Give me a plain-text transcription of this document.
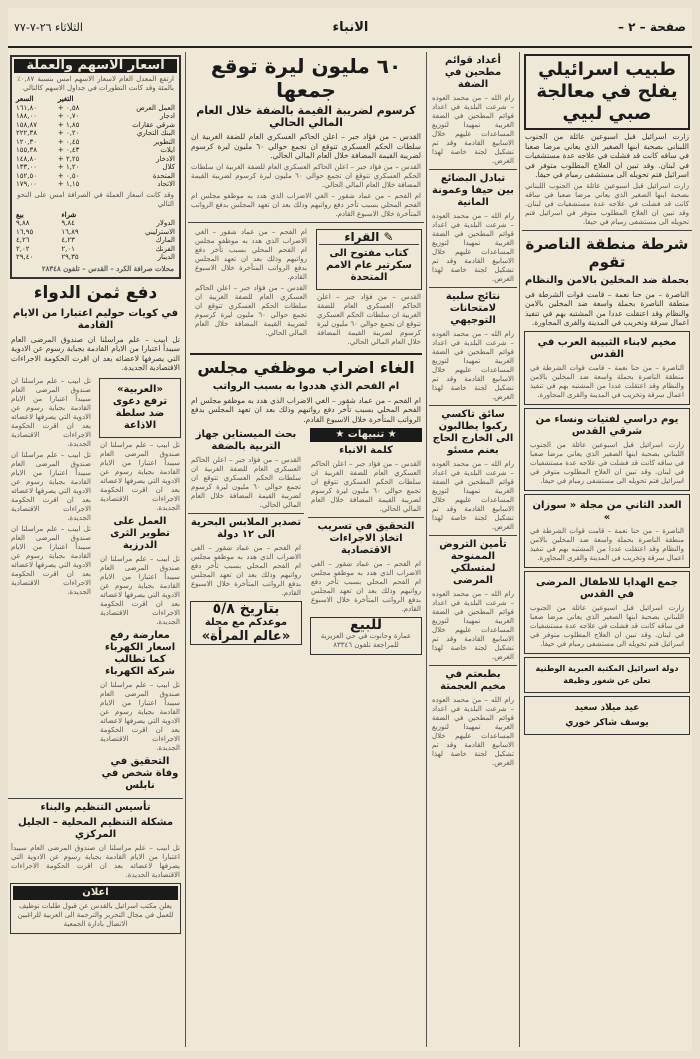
صفحة – ٢ –
الانباء
الثلاثاء ٢٦-٧-٧٧
طبيب اسرائيلي يفلح في معالجة صبي لبيي
زارت اسرائيل قبل اسبوعين عائلة من الجنوب اللبناني بصحبة ابنها الصغير الذي يعاني مرضا صعبا في ساقه كانت قد فشلت في علاجه عدة مستشفيات في لبنان. وقد تبين ان العلاج المطلوب متوفر في اسرائيل فتم تحويله الى مستشفى رمبام في حيفا.
زارت اسرائيل قبل اسبوعين عائلة من الجنوب اللبناني بصحبة ابنها الصغير الذي يعاني مرضا صعبا في ساقه كانت قد فشلت في علاجه عدة مستشفيات في لبنان. وقد تبين ان العلاج المطلوب متوفر في اسرائيل فتم تحويله الى مستشفى رمبام في حيفا.
شرطة منطقة الناصرة تقوم
بحملة ضد المخلين بالامن والنظام
الناصرة – من حنا نعمة – قامت قوات الشرطة في منطقة الناصرة بحملة واسعة ضد المخلين بالامن والنظام وقد اعتقلت عددا من المشتبه بهم في تنفيذ اعمال سرقة وتخريب في المدينة والقرى المجاورة.
مخيم لابناء الثبيبة العرب في القدس
الناصرة – من حنا نعمة – قامت قوات الشرطة في منطقة الناصرة بحملة واسعة ضد المخلين بالامن والنظام وقد اعتقلت عددا من المشتبه بهم في تنفيذ اعمال سرقة وتخريب في المدينة والقرى المجاورة.
يوم دراسي لفتيات ونساء من شرقي القدس
زارت اسرائيل قبل اسبوعين عائلة من الجنوب اللبناني بصحبة ابنها الصغير الذي يعاني مرضا صعبا في ساقه كانت قد فشلت في علاجه عدة مستشفيات في لبنان. وقد تبين ان العلاج المطلوب متوفر في اسرائيل فتم تحويله الى مستشفى رمبام في حيفا.
العدد الثاني من مجلة « سوزان »
الناصرة – من حنا نعمة – قامت قوات الشرطة في منطقة الناصرة بحملة واسعة ضد المخلين بالامن والنظام وقد اعتقلت عددا من المشتبه بهم في تنفيذ اعمال سرقة وتخريب في المدينة والقرى المجاورة.
جمع الهدايا للاطفال المرضى في القدس
زارت اسرائيل قبل اسبوعين عائلة من الجنوب اللبناني بصحبة ابنها الصغير الذي يعاني مرضا صعبا في ساقه كانت قد فشلت في علاجه عدة مستشفيات في لبنان. وقد تبين ان العلاج المطلوب متوفر في اسرائيل فتم تحويله الى مستشفى رمبام في حيفا.
دولة اسرائيل المكتبة العبرية الوطنية تعلن عن شغور وظيفة
عيد ميلاد سعيد
يوسف شاكر خوري
أعداد قوائم مطحين في الضفة
رام الله – من محمد العوده – شرعت البلدية في اعداد قوائم المطحين في الضفة الغربية تمهيدا لتوزيع المساعدات عليهم خلال الاسابيع القادمة وقد تم تشكيل لجنة خاصة لهذا الغرض.
تبادل البضائع بين حيفا وعمونة المانية
رام الله – من محمد العوده – شرعت البلدية في اعداد قوائم المطحين في الضفة الغربية تمهيدا لتوزيع المساعدات عليهم خلال الاسابيع القادمة وقد تم تشكيل لجنة خاصة لهذا الغرض.
نتائج سلبية لامتحانات التوجيهي
رام الله – من محمد العوده – شرعت البلدية في اعداد قوائم المطحين في الضفة الغربية تمهيدا لتوزيع المساعدات عليهم خلال الاسابيع القادمة وقد تم تشكيل لجنة خاصة لهذا الغرض.
سائق تاكسي ركبوا يطالبون الى الخارج الحاج بعنم مسئو
رام الله – من محمد العوده – شرعت البلدية في اعداد قوائم المطحين في الضفة الغربية تمهيدا لتوزيع المساعدات عليهم خلال الاسابيع القادمة وقد تم تشكيل لجنة خاصة لهذا الغرض.
تأمين التروض الممنوحة لمتسلكي المرضى
رام الله – من محمد العوده – شرعت البلدية في اعداد قوائم المطحين في الضفة الغربية تمهيدا لتوزيع المساعدات عليهم خلال الاسابيع القادمة وقد تم تشكيل لجنة خاصة لهذا الغرض.
بطبعتم في مخيم العجمتة
رام الله – من محمد العوده – شرعت البلدية في اعداد قوائم المطحين في الضفة الغربية تمهيدا لتوزيع المساعدات عليهم خلال الاسابيع القادمة وقد تم تشكيل لجنة خاصة لهذا الغرض.
٦٠ مليون ليرة توقع جمعها
كرسوم لضريبة القيمة بالضفة خلال العام المالي الحالي
القدس – من فؤاد جبر – اعلن الحاكم العسكري العام للضفة الغربية ان سلطات الحكم العسكري تتوقع ان تجمع حوالي ٦٠ مليون ليرة كرسوم لضريبة القيمة المضافة خلال العام المالي الحالي.
القدس – من فؤاد جبر – اعلن الحاكم العسكري العام للضفة الغربية ان سلطات الحكم العسكري تتوقع ان تجمع حوالي ٦٠ مليون ليرة كرسوم لضريبة القيمة المضافة خلال العام المالي الحالي.
ام الفحم – من عماد شقور – الغي الاضراب الذي هدد به موظفو مجلس ام الفحم المحلي بسبب تأخر دفع رواتبهم وذلك بعد ان تعهد المجلس بدفع الرواتب المتأخرة خلال الاسبوع القادم.
✎ القراء
كتاب مفتوح الى سكرتير عام الامم المتحدة
القدس – من فؤاد جبر – اعلن الحاكم العسكري العام للضفة الغربية ان سلطات الحكم العسكري تتوقع ان تجمع حوالي ٦٠ مليون ليرة كرسوم لضريبة القيمة المضافة خلال العام المالي الحالي.
ام الفحم – من عماد شقور – الغي الاضراب الذي هدد به موظفو مجلس ام الفحم المحلي بسبب تأخر دفع رواتبهم وذلك بعد ان تعهد المجلس بدفع الرواتب المتأخرة خلال الاسبوع القادم.
القدس – من فؤاد جبر – اعلن الحاكم العسكري العام للضفة الغربية ان سلطات الحكم العسكري تتوقع ان تجمع حوالي ٦٠ مليون ليرة كرسوم لضريبة القيمة المضافة خلال العام المالي الحالي.
الغاء اضراب موظفي مجلس
ام الفحم الذي هددوا به بسبب الرواتب
ام الفحم – من عماد شقور – الغي الاضراب الذي هدد به موظفو مجلس ام الفحم المحلي بسبب تأخر دفع رواتبهم وذلك بعد ان تعهد المجلس بدفع الرواتب المتأخرة خلال الاسبوع القادم.
★ تنبيهات ★
كلمة الانباء
القدس – من فؤاد جبر – اعلن الحاكم العسكري العام للضفة الغربية ان سلطات الحكم العسكري تتوقع ان تجمع حوالي ٦٠ مليون ليرة كرسوم لضريبة القيمة المضافة خلال العام المالي الحالي.
التحقيق في تسريب اتخاذ الاجراءات الاقتصادية
ام الفحم – من عماد شقور – الغي الاضراب الذي هدد به موظفو مجلس ام الفحم المحلي بسبب تأخر دفع رواتبهم وذلك بعد ان تعهد المجلس بدفع الرواتب المتأخرة خلال الاسبوع القادم.
للبيع
عمارة وحانوت في حي العزيزية للمراجعة تلفون ٨٣٣٤٦
بحث الميستاين جهاز التربية بالضفة
القدس – من فؤاد جبر – اعلن الحاكم العسكري العام للضفة الغربية ان سلطات الحكم العسكري تتوقع ان تجمع حوالي ٦٠ مليون ليرة كرسوم لضريبة القيمة المضافة خلال العام المالي الحالي.
تصدير الملابس البحرية الى ١٢ دولة
ام الفحم – من عماد شقور – الغي الاضراب الذي هدد به موظفو مجلس ام الفحم المحلي بسبب تأخر دفع رواتبهم وذلك بعد ان تعهد المجلس بدفع الرواتب المتأخرة خلال الاسبوع القادم.
بتاريخ ٥/٨
موعدكم مع مجلة
«عالم المرأة»
اسعار الاسهم والعملة
ارتفع المعدل العام لاسعار الاسهم امس بنسبة ٠,٨٧٪ بالمئة وقد كانت التطورات في جداول الاسهم كالتالي
	التغير	السعر
العمل العرض	+ ٠,٥٨	١٦١,٨٠
ادجار	+ ٠,٧٠	١٨٨,٠٠
شرقي عقارات	+ ١,٨٥	١٥٨,٨٧
البنك التجاري	+ ٠,٢٠	٢٢٢,٣٨
التطوير	+ ٠,٤٥	١٢٠,٣٠
ايلات	+ ٠,٤٣	١٥٥,٣٨
الادخار	+ ٢,٢٥	١٤٨,٨٠
كلال	+ ١,٢٠	١٣٣,٠٠
المتحدة	+ ٠,٥٠	١٥٢,٥٠
الاتحاد	+ ١,١٥	١٧٩,٠٠
وقد كانت اسعار العملة في الصرافة امس على النحو التالي
	شراء	بيع
الدولار	٩,٨٤	٩,٨٨
الاسترليني	١٦,٨٩	١٦,٩٥
المارك	٤,٢٣	٤,٢٦
الفرنك	٢,٠١	٢,٠٢
الدينار	٢٩,٣٥	٢٩,٤٠
محلات صرافة الكرد – القدس – تلفون ٢٨٣٤٨
دفع ثمن الدواء
في كويات حوليم اعتبارا من الايام القادمة
تل ابيب – علم مراسلنا ان صندوق المرضى العام سيبدأ اعتبارا من الايام القادمة بجباية رسوم عن الادوية التي يصرفها لاعضائه بعد ان اقرت الحكومة الاجراءات الاقتصادية الجديدة.
«العربية» ترفع دعوى ضد سلطة الاذاعة
تل ابيب – علم مراسلنا ان صندوق المرضى العام سيبدأ اعتبارا من الايام القادمة بجباية رسوم عن الادوية التي يصرفها لاعضائه بعد ان اقرت الحكومة الاجراءات الاقتصادية الجديدة.
العمل على تطوير الثرى الدرزية
تل ابيب – علم مراسلنا ان صندوق المرضى العام سيبدأ اعتبارا من الايام القادمة بجباية رسوم عن الادوية التي يصرفها لاعضائه بعد ان اقرت الحكومة الاجراءات الاقتصادية الجديدة.
معارضة رفع اسعار الكهرباء كما تطالب شركة الكهرباء
تل ابيب – علم مراسلنا ان صندوق المرضى العام سيبدأ اعتبارا من الايام القادمة بجباية رسوم عن الادوية التي يصرفها لاعضائه بعد ان اقرت الحكومة الاجراءات الاقتصادية الجديدة.
التحقيق في وفاة شخص في نابلس
تل ابيب – علم مراسلنا ان صندوق المرضى العام سيبدأ اعتبارا من الايام القادمة بجباية رسوم عن الادوية التي يصرفها لاعضائه بعد ان اقرت الحكومة الاجراءات الاقتصادية الجديدة.
تل ابيب – علم مراسلنا ان صندوق المرضى العام سيبدأ اعتبارا من الايام القادمة بجباية رسوم عن الادوية التي يصرفها لاعضائه بعد ان اقرت الحكومة الاجراءات الاقتصادية الجديدة.
تل ابيب – علم مراسلنا ان صندوق المرضى العام سيبدأ اعتبارا من الايام القادمة بجباية رسوم عن الادوية التي يصرفها لاعضائه بعد ان اقرت الحكومة الاجراءات الاقتصادية الجديدة.
تأسيس التنظيم والبناء
مشكلة التنظيم المحلية – الجليل المركزي
تل ابيب – علم مراسلنا ان صندوق المرضى العام سيبدأ اعتبارا من الايام القادمة بجباية رسوم عن الادوية التي يصرفها لاعضائه بعد ان اقرت الحكومة الاجراءات الاقتصادية الجديدة.
اعلان
يعلن مكتب اسرائيل بالقدس عن قبول طلبات توظيف للعمل في مجال التحرير والترجمة الى العربية للراغبين الاتصال بادارة الجمعية
